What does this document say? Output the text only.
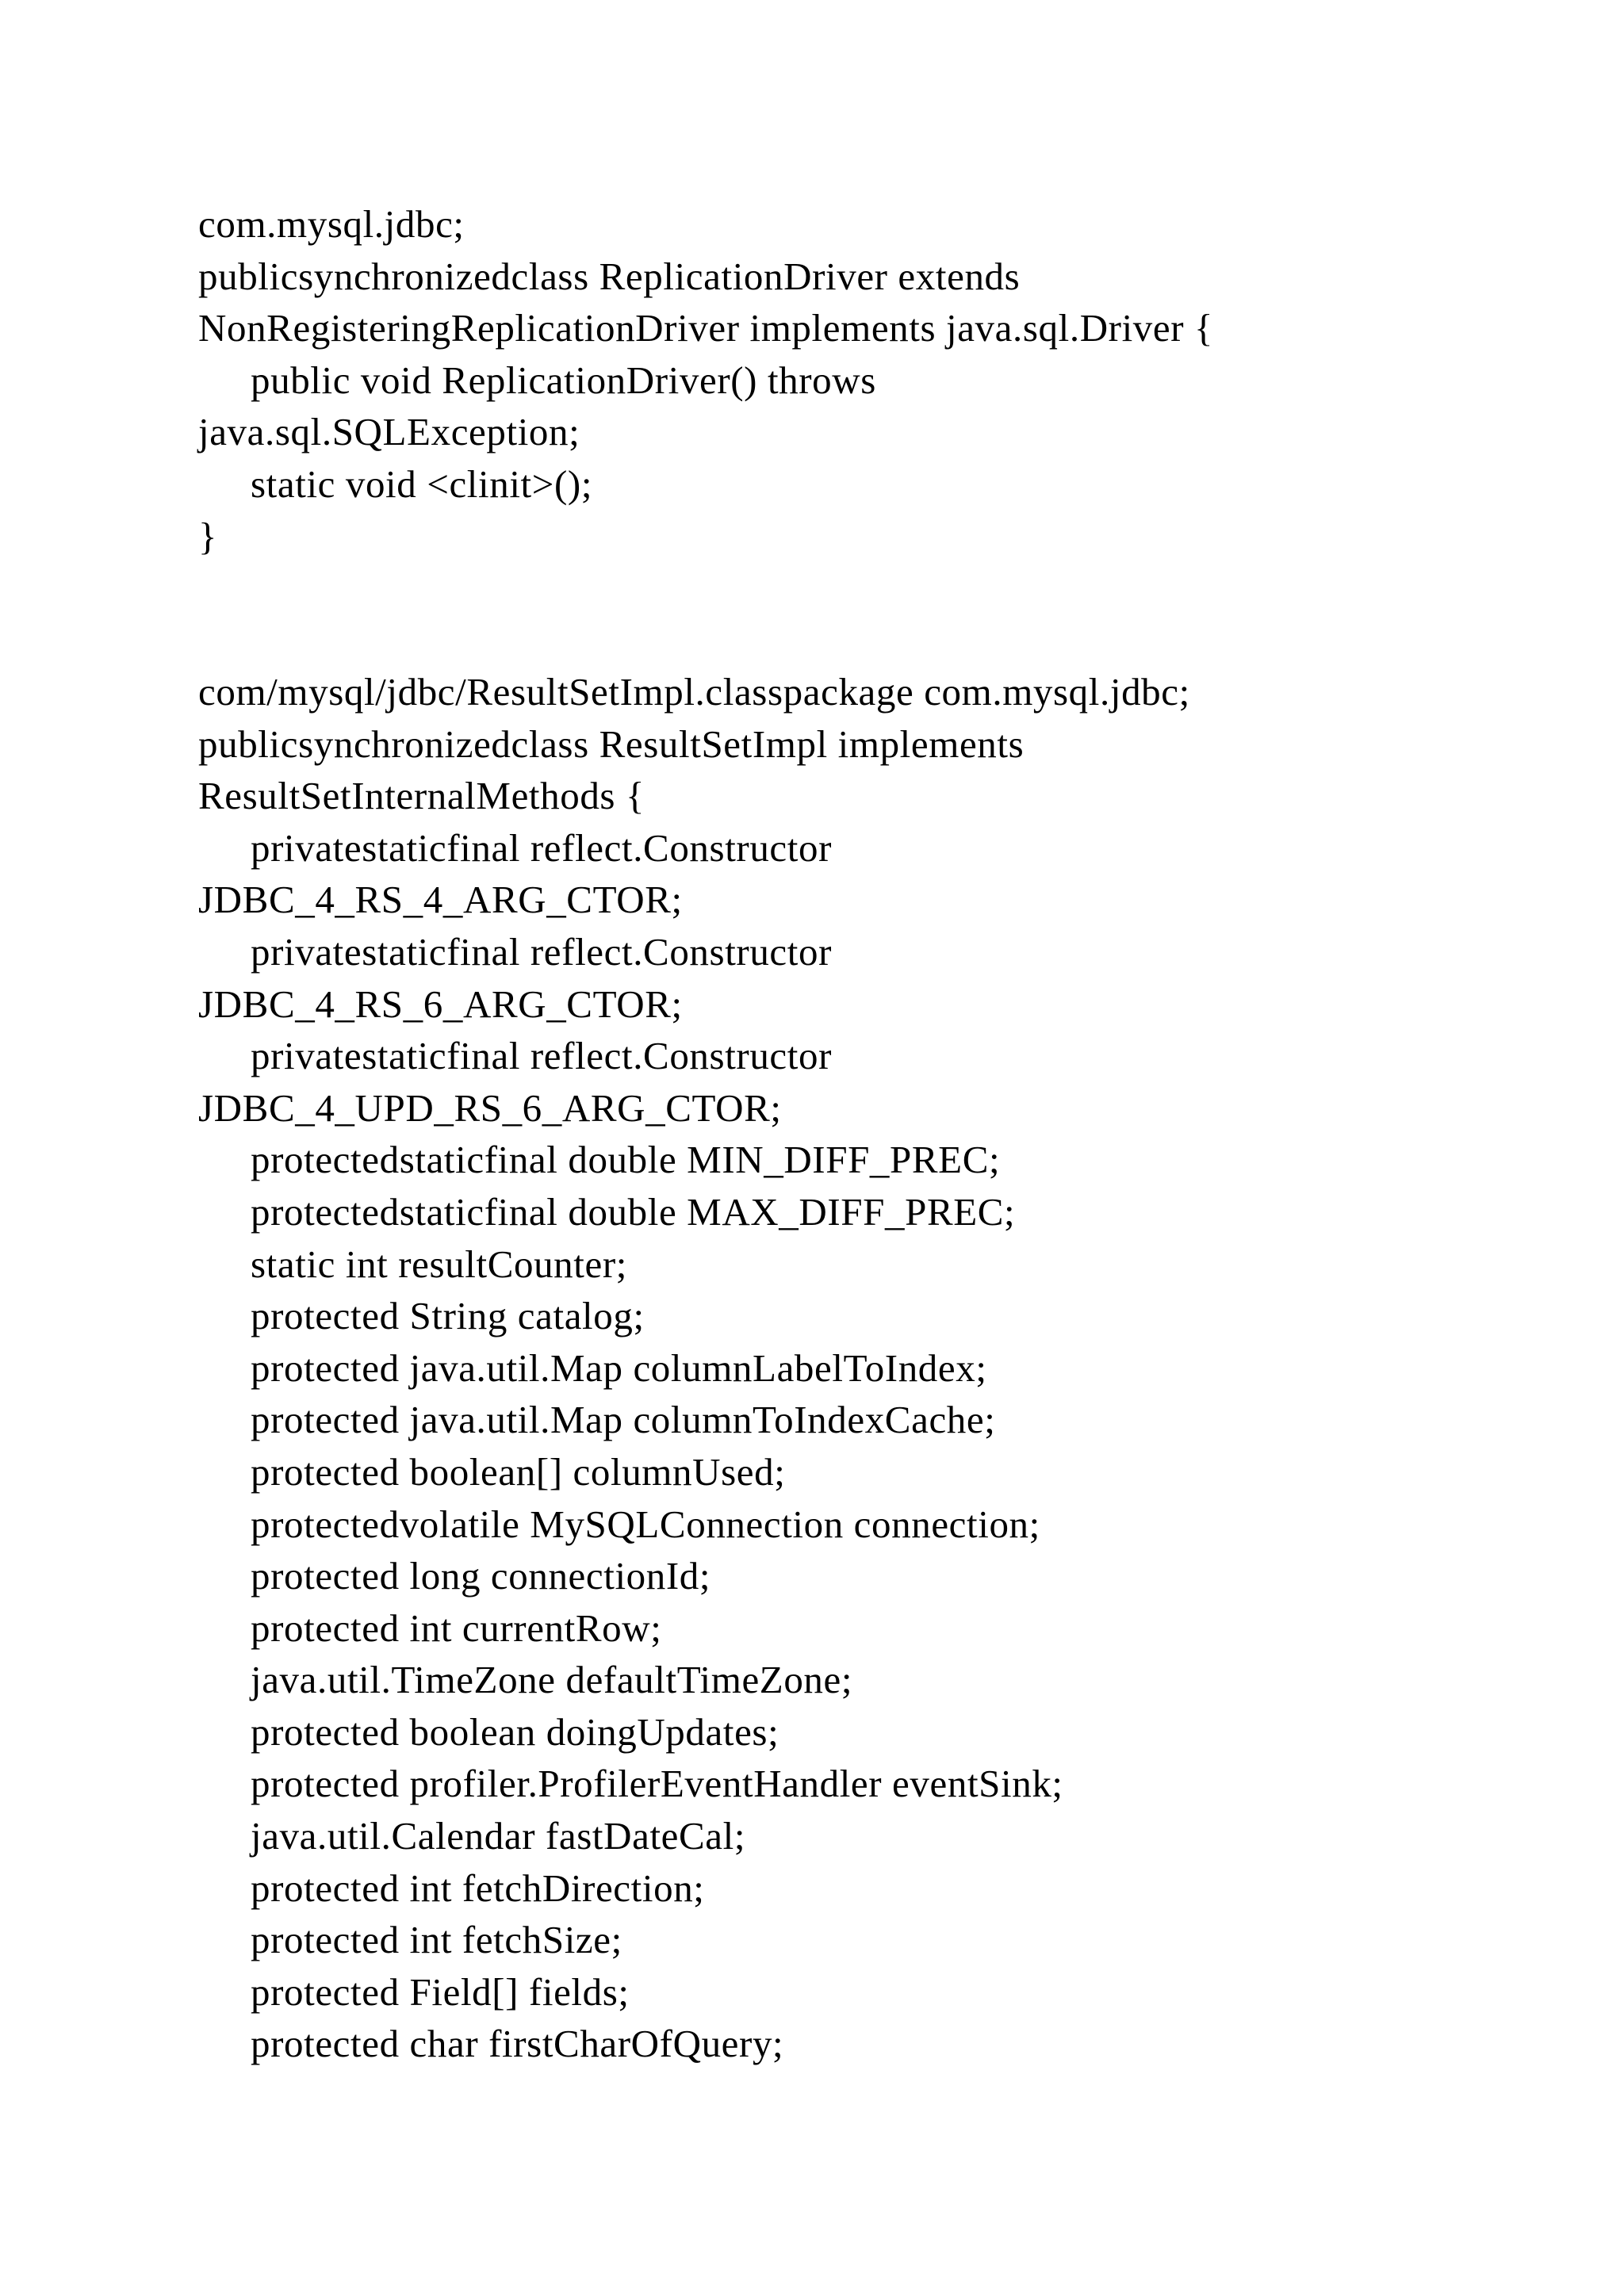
com.mysql.jdbc;
publicsynchronizedclass ReplicationDriver extends
NonRegisteringReplicationDriver implements java.sql.Driver {
public void ReplicationDriver() throws
java.sql.SQLException;
static void <clinit>();
}
com/mysql/jdbc/ResultSetImpl.classpackage com.mysql.jdbc;
publicsynchronizedclass ResultSetImpl implements
ResultSetInternalMethods {
privatestaticfinal reflect.Constructor
JDBC_4_RS_4_ARG_CTOR;
privatestaticfinal reflect.Constructor
JDBC_4_RS_6_ARG_CTOR;
privatestaticfinal reflect.Constructor
JDBC_4_UPD_RS_6_ARG_CTOR;
protectedstaticfinal double MIN_DIFF_PREC;
protectedstaticfinal double MAX_DIFF_PREC;
static int resultCounter;
protected String catalog;
protected java.util.Map columnLabelToIndex;
protected java.util.Map columnToIndexCache;
protected boolean[] columnUsed;
protectedvolatile MySQLConnection connection;
protected long connectionId;
protected int currentRow;
java.util.TimeZone defaultTimeZone;
protected boolean doingUpdates;
protected profiler.ProfilerEventHandler eventSink;
java.util.Calendar fastDateCal;
protected int fetchDirection;
protected int fetchSize;
protected Field[] fields;
protected char firstCharOfQuery;
